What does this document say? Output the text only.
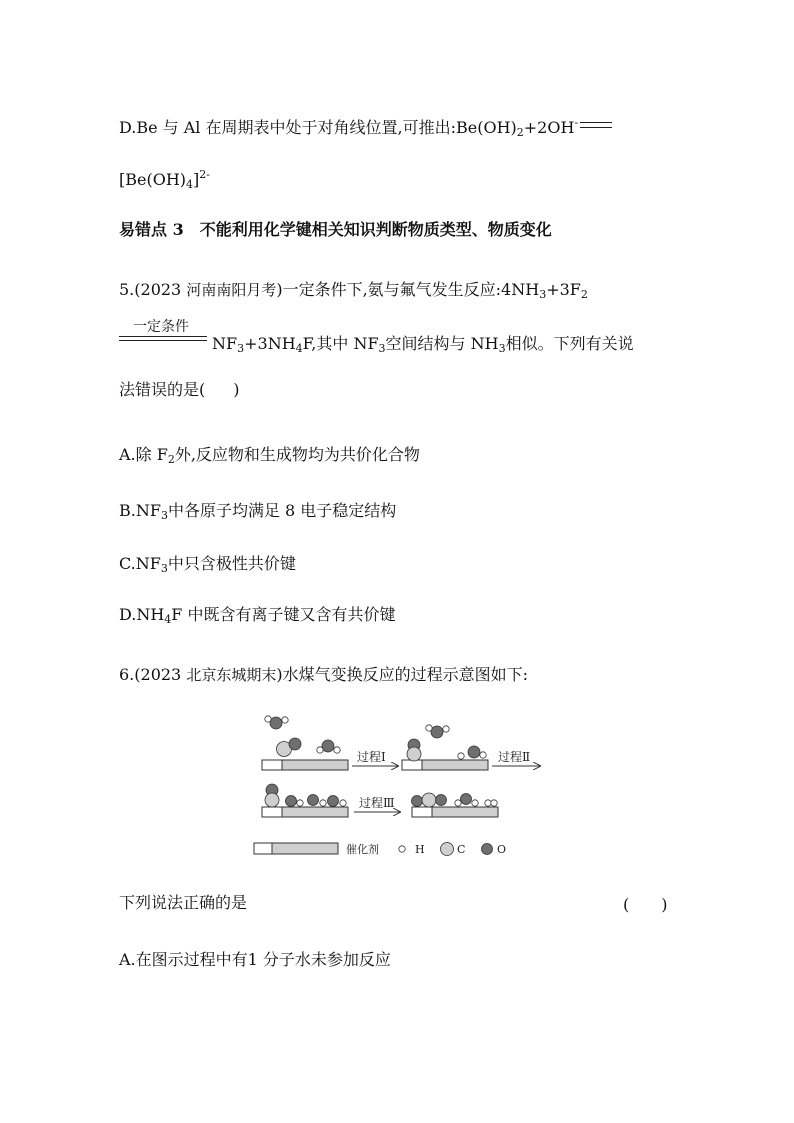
D.Be 与 Al 在周期表中处于对角线位置,可推出$:Be(OH)_2+2OH^-$
$[Be(OH)_4]^{2-}$
易错点 3　不能利用化学键相关知识判断物质类型、物质变化
5.(2023 河南南阳月考)一定条件下,氨与氟气发生反应$:4NH_3+3F_2$
一定条件
$NF_3+3NH_4F$,其中 $NF_3$空间结构与 $NH_3$相似。下列有关说
法错误的是( )
A.除 $F_2$外,反应物和生成物均为共价化合物
$B.NF_3$中各原子均满足 8 电子稳定结构
$C.NF_3$中只含极性共价键
$D.NH_4F$ 中既含有离子键又含有共价键
6.(2023 北京东城期末)水煤气变换反应的过程示意图如下:
过程Ⅰ	过程Ⅱ
过程Ⅲ
催化剂	H	C	O
下列说法正确的是	(　　)
A.在图示过程中有1 分子水未参加反应
